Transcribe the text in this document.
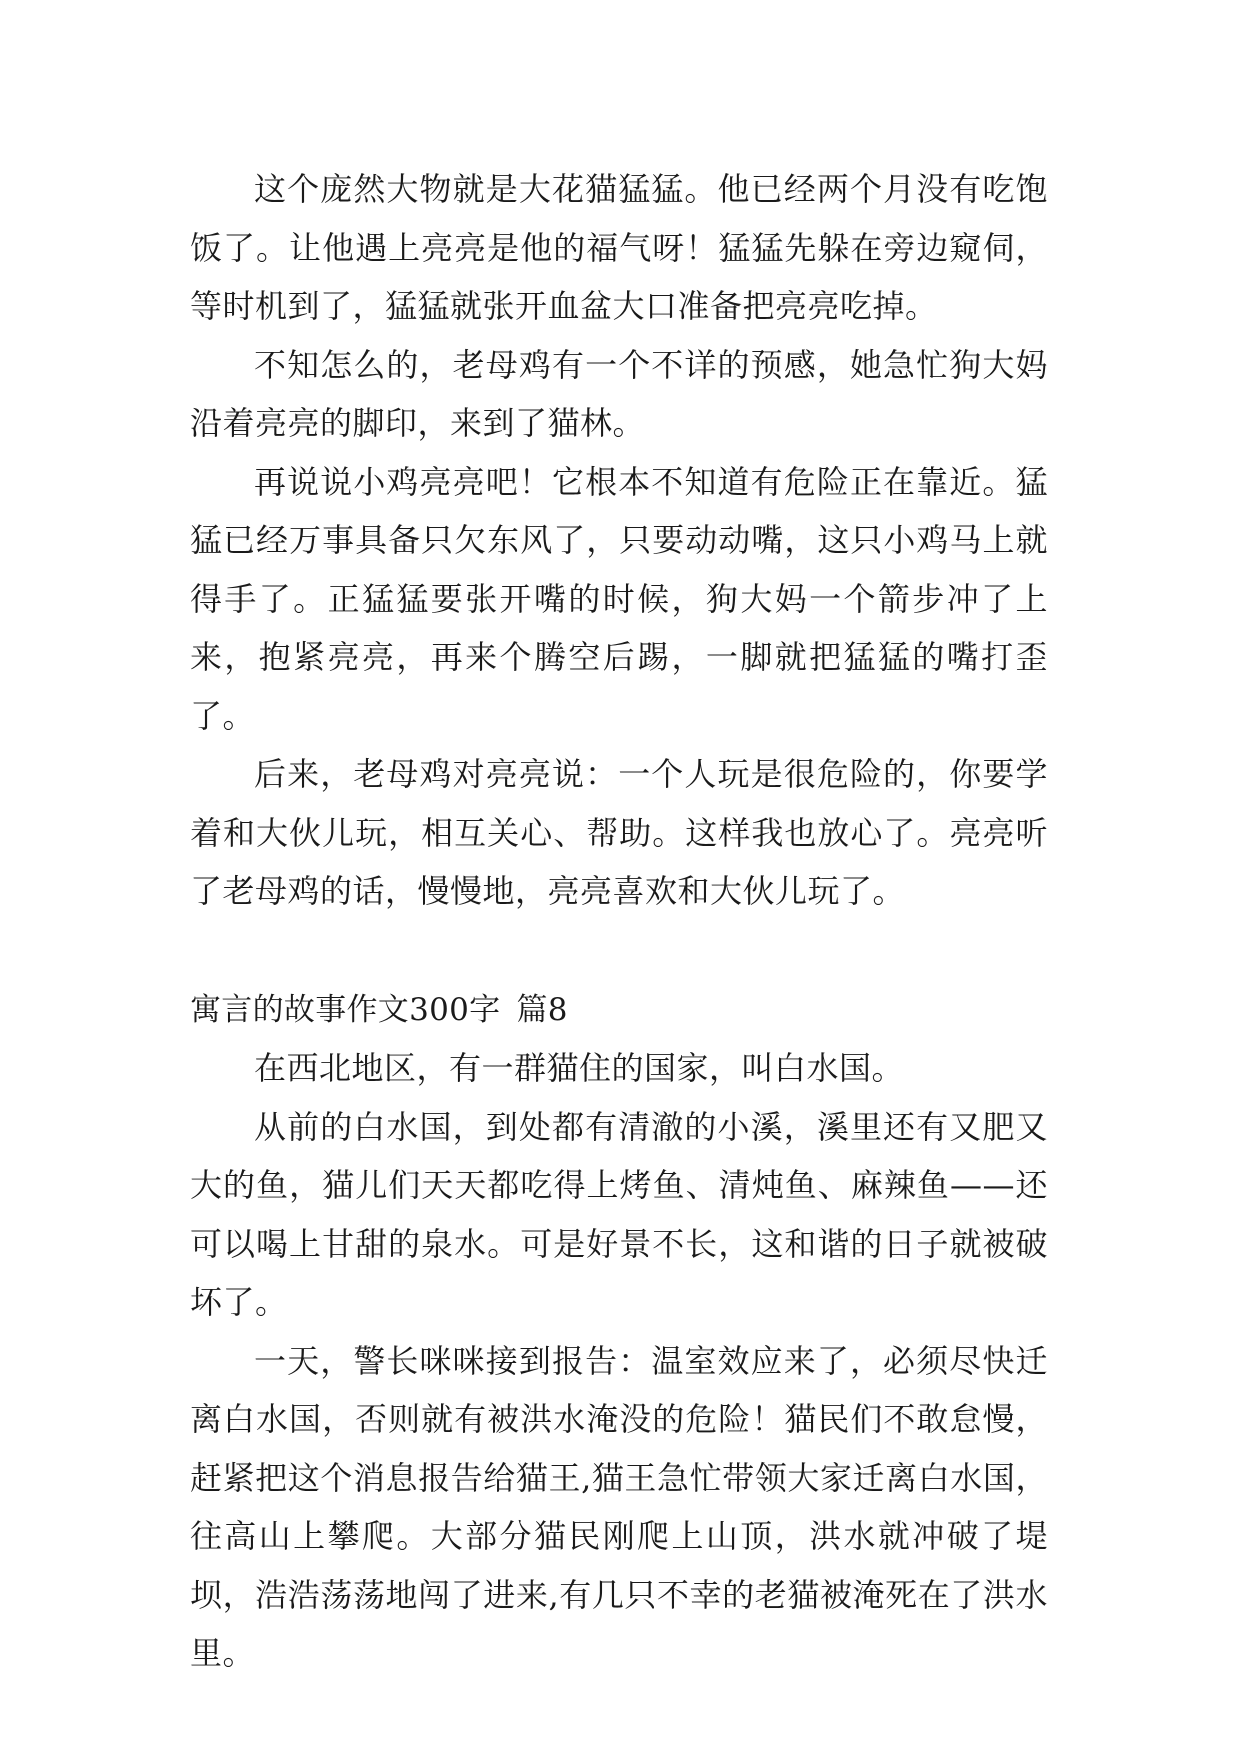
这个庞然大物就是大花猫猛猛。他已经两个月没有吃饱饭了。让他遇上亮亮是他的福气呀！猛猛先躲在旁边窥伺，等时机到了，猛猛就张开血盆大口准备把亮亮吃掉。

不知怎么的，老母鸡有一个不详的预感，她急忙狗大妈沿着亮亮的脚印，来到了猫林。

再说说小鸡亮亮吧！它根本不知道有危险正在靠近。猛猛已经万事具备只欠东风了，只要动动嘴，这只小鸡马上就得手了。正猛猛要张开嘴的时候，狗大妈一个箭步冲了上来，抱紧亮亮，再来个腾空后踢，一脚就把猛猛的嘴打歪了。

后来，老母鸡对亮亮说：一个人玩是很危险的，你要学着和大伙儿玩，相互关心、帮助。这样我也放心了。亮亮听了老母鸡的话，慢慢地，亮亮喜欢和大伙儿玩了。

寓言的故事作文300字 篇8

在西北地区，有一群猫住的国家，叫白水国。

从前的白水国，到处都有清澈的小溪，溪里还有又肥又大的鱼，猫儿们天天都吃得上烤鱼、清炖鱼、麻辣鱼——还可以喝上甘甜的泉水。可是好景不长，这和谐的日子就被破坏了。

一天，警长咪咪接到报告：温室效应来了，必须尽快迁离白水国，否则就有被洪水淹没的危险！猫民们不敢怠慢，赶紧把这个消息报告给猫王,猫王急忙带领大家迁离白水国，往高山上攀爬。大部分猫民刚爬上山顶，洪水就冲破了堤坝，浩浩荡荡地闯了进来,有几只不幸的老猫被淹死在了洪水里。
